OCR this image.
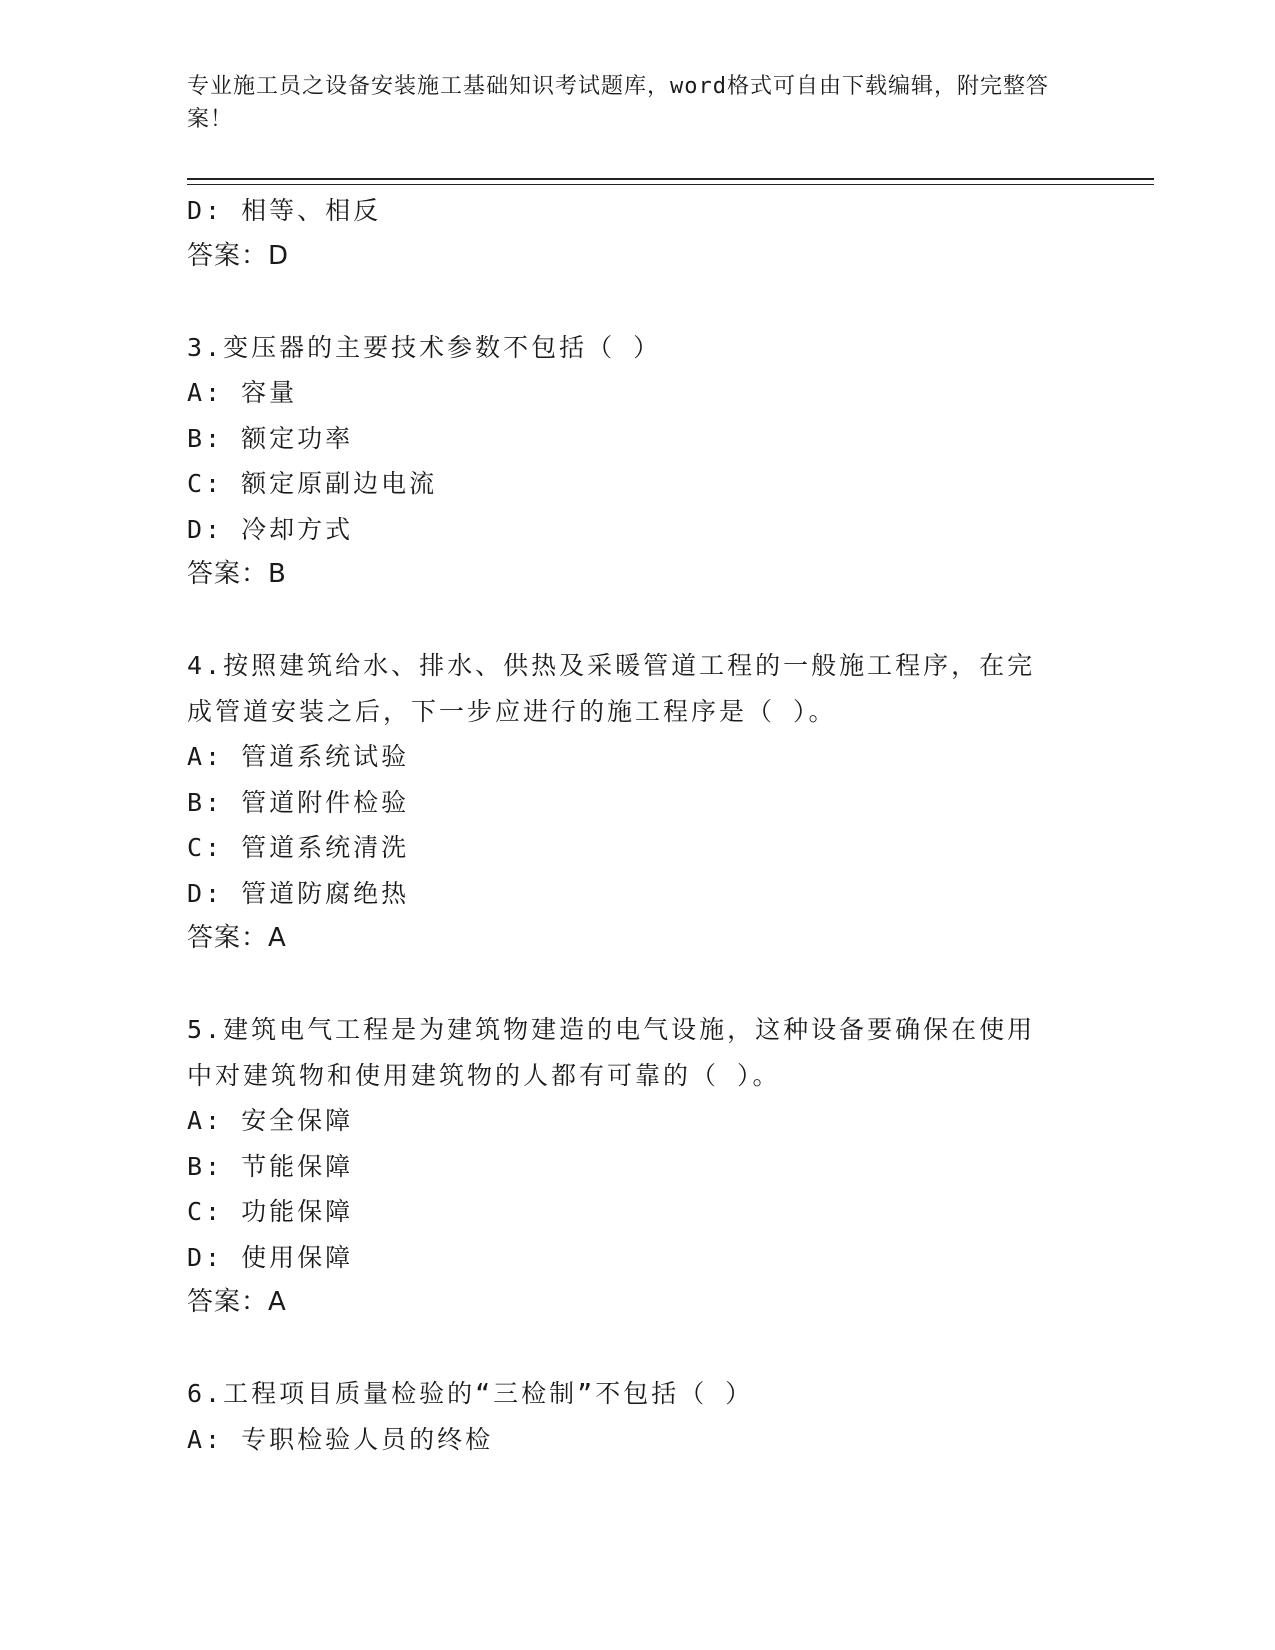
专业施工员之设备安装施工基础知识考试题库，word格式可自由下载编辑，附完整答案！
D: 相等、相反
答案：D
3.变压器的主要技术参数不包括（ ）
A: 容量
B: 额定功率
C: 额定原副边电流
D: 冷却方式
答案：B
4.按照建筑给水、排水、供热及采暖管道工程的一般施工程序，在完成管道安装之后，下一步应进行的施工程序是（ ）。
A: 管道系统试验
B: 管道附件检验
C: 管道系统清洗
D: 管道防腐绝热
答案：A
5.建筑电气工程是为建筑物建造的电气设施，这种设备要确保在使用中对建筑物和使用建筑物的人都有可靠的（ ）。
A: 安全保障
B: 节能保障
C: 功能保障
D: 使用保障
答案：A
6.工程项目质量检验的“三检制”不包括（ ）
A: 专职检验人员的终检
